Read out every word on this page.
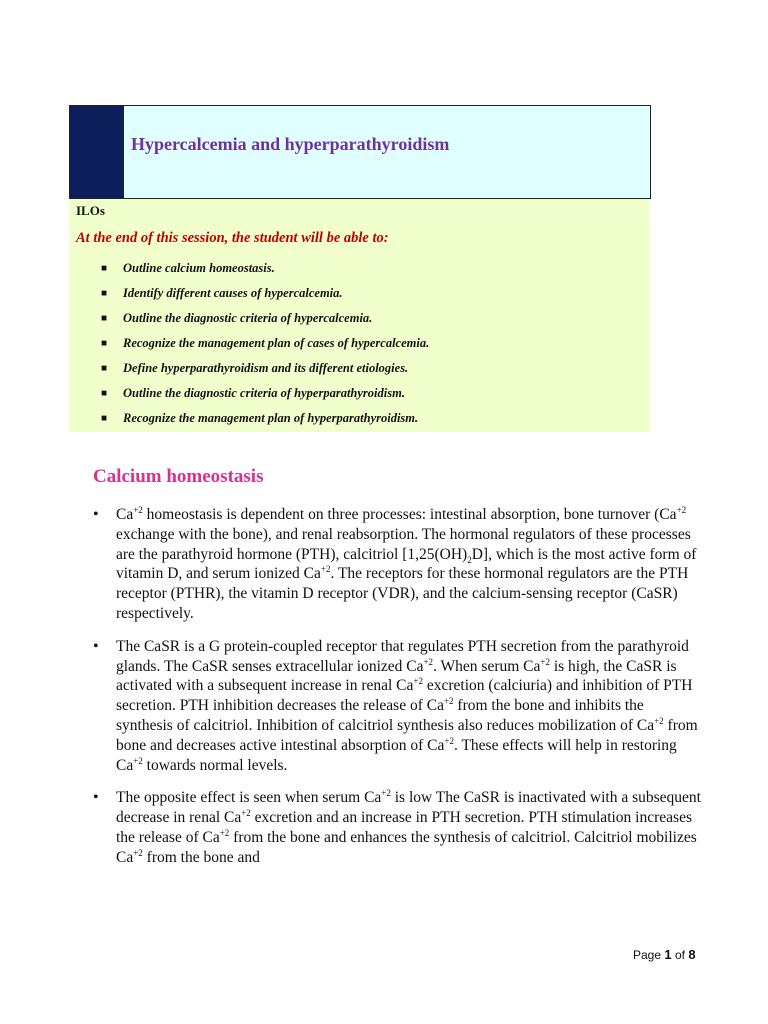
Hypercalcemia and hyperparathyroidism
ILOs
At the end of this session, the student will be able to:
■	Outline calcium homeostasis.
■	Identify different causes of hypercalcemia.
■	Outline the diagnostic criteria of hypercalcemia.
■	Recognize the management plan of cases of hypercalcemia.
■	Define hyperparathyroidism and its different etiologies.
■	Outline the diagnostic criteria of hyperparathyroidism.
■	Recognize the management plan of hyperparathyroidism.
Calcium homeostasis
•	$Ca^{+2}$ homeostasis is dependent on three processes: intestinal absorption, bone turnover ($Ca^{+2}$ exchange with the bone), and renal reabsorption. The hormonal regulators of these processes are the parathyroid hormone (PTH), calcitriol $[1,25(OH)_2D]$, which is the most active form of vitamin D, and serum ionized $Ca^{+2}$. The receptors for these hormonal regulators are the PTH receptor (PTHR), the vitamin D receptor (VDR), and the calcium-sensing receptor (CaSR) respectively.
•	The CaSR is a G protein-coupled receptor that regulates PTH secretion from the parathyroid glands. The CaSR senses extracellular ionized $Ca^{+2}$. When serum $Ca^{+2}$ is high, the CaSR is activated with a subsequent increase in renal $Ca^{+2}$ excretion (calciuria) and inhibition of PTH secretion. PTH inhibition decreases the release of $Ca^{+2}$ from the bone and inhibits the synthesis of calcitriol. Inhibition of calcitriol synthesis also reduces mobilization of $Ca^{+2}$ from bone and decreases active intestinal absorption of $Ca^{+2}$. These effects will help in restoring $Ca^{+2}$ towards normal levels.
•	The opposite effect is seen when serum $Ca^{+2}$ is low The CaSR is inactivated with a subsequent decrease in renal $Ca^{+2}$ excretion and an increase in PTH secretion. PTH stimulation increases the release of $Ca^{+2}$ from the bone and enhances the synthesis of calcitriol. Calcitriol mobilizes $Ca^{+2}$ from the bone and
Page 1 of 8
